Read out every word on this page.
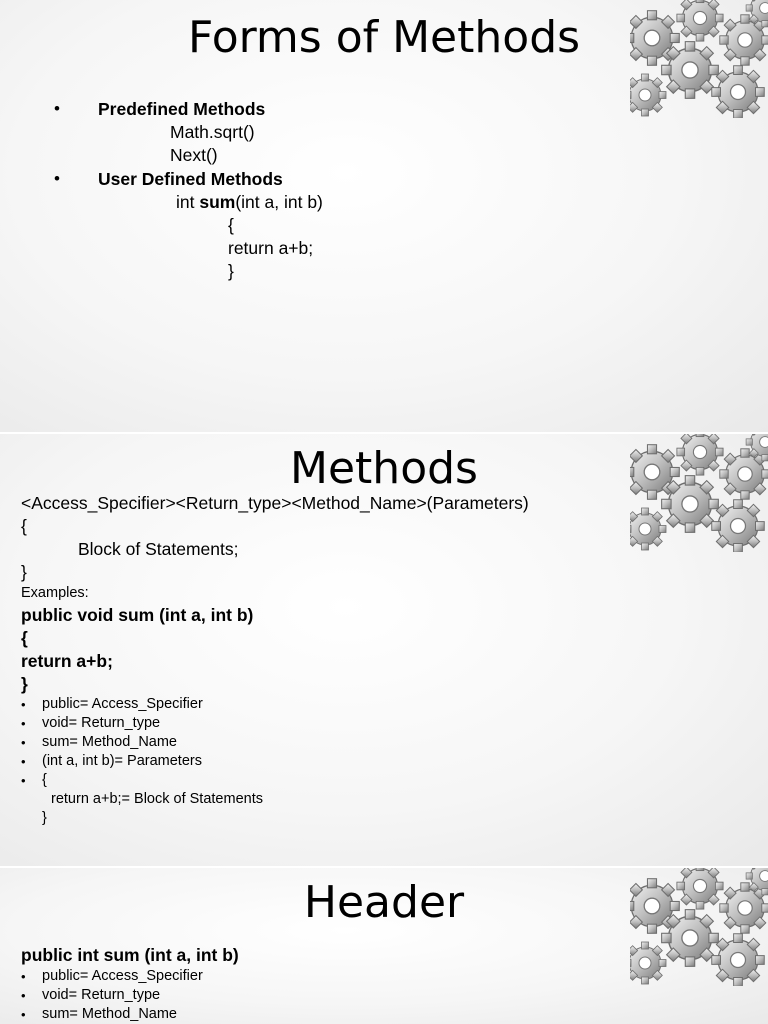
Forms of Methods
• Predefined Methods
Math.sqrt()
Next()
• User Defined Methods
int sum(int a, int b)
{
return a+b;
}
Methods
<Access_Specifier><Return_type><Method_Name>(Parameters)
{
Block of Statements;
}
Examples:
public void sum (int a, int b)
{
return a+b;
}
• public= Access_Specifier
• void= Return_type
• sum= Method_Name
• (int a, int b)= Parameters
• {
return a+b;= Block of Statements
}
Header
public int sum (int a, int b)
• public= Access_Specifier
• void= Return_type
• sum= Method_Name
